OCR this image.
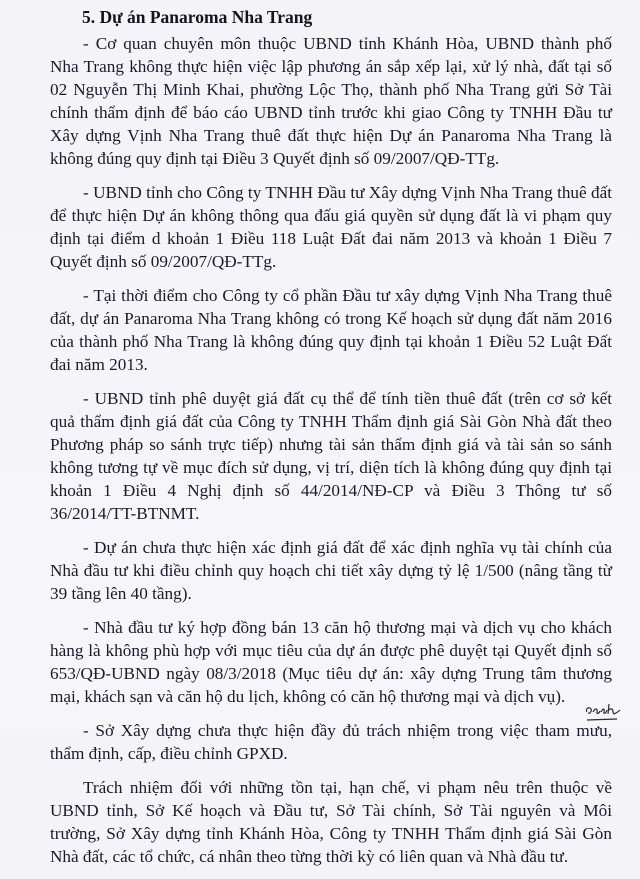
5. Dự án Panaroma Nha Trang

- Cơ quan chuyên môn thuộc UBND tỉnh Khánh Hòa, UBND thành phố Nha Trang không thực hiện việc lập phương án sắp xếp lại, xử lý nhà, đất tại số 02 Nguyễn Thị Minh Khai, phường Lộc Thọ, thành phố Nha Trang gửi Sở Tài chính thẩm định để báo cáo UBND tỉnh trước khi giao Công ty TNHH Đầu tư Xây dựng Vịnh Nha Trang thuê đất thực hiện Dự án Panaroma Nha Trang là không đúng quy định tại Điều 3 Quyết định số 09/2007/QĐ-TTg.

- UBND tỉnh cho Công ty TNHH Đầu tư Xây dựng Vịnh Nha Trang thuê đất để thực hiện Dự án không thông qua đấu giá quyền sử dụng đất là vi phạm quy định tại điểm d khoản 1 Điều 118 Luật Đất đai năm 2013 và khoản 1 Điều 7 Quyết định số 09/2007/QĐ-TTg.

- Tại thời điểm cho Công ty cổ phần Đầu tư xây dựng Vịnh Nha Trang thuê đất, dự án Panaroma Nha Trang không có trong Kế hoạch sử dụng đất năm 2016 của thành phố Nha Trang là không đúng quy định tại khoản 1 Điều 52 Luật Đất đai năm 2013.

- UBND tỉnh phê duyệt giá đất cụ thể để tính tiền thuê đất (trên cơ sở kết quả thẩm định giá đất của Công ty TNHH Thẩm định giá Sài Gòn Nhà đất theo Phương pháp so sánh trực tiếp) nhưng tài sản thẩm định giá và tài sản so sánh không tương tự về mục đích sử dụng, vị trí, diện tích là không đúng quy định tại khoản 1 Điều 4 Nghị định số 44/2014/NĐ-CP và Điều 3 Thông tư số 36/2014/TT-BTNMT.

- Dự án chưa thực hiện xác định giá đất để xác định nghĩa vụ tài chính của Nhà đầu tư khi điều chỉnh quy hoạch chi tiết xây dựng tỷ lệ 1/500 (nâng tầng từ 39 tầng lên 40 tầng).

- Nhà đầu tư ký hợp đồng bán 13 căn hộ thương mại và dịch vụ cho khách hàng là không phù hợp với mục tiêu của dự án được phê duyệt tại Quyết định số 653/QĐ-UBND ngày 08/3/2018 (Mục tiêu dự án: xây dựng Trung tâm thương mại, khách sạn và căn hộ du lịch, không có căn hộ thương mại và dịch vụ).

- Sở Xây dựng chưa thực hiện đầy đủ trách nhiệm trong việc tham mưu, thẩm định, cấp, điều chỉnh GPXD.

Trách nhiệm đối với những tồn tại, hạn chế, vi phạm nêu trên thuộc về UBND tỉnh, Sở Kế hoạch và Đầu tư, Sở Tài chính, Sở Tài nguyên và Môi trường, Sở Xây dựng tỉnh Khánh Hòa, Công ty TNHH Thẩm định giá Sài Gòn Nhà đất, các tổ chức, cá nhân theo từng thời kỳ có liên quan và Nhà đầu tư.
